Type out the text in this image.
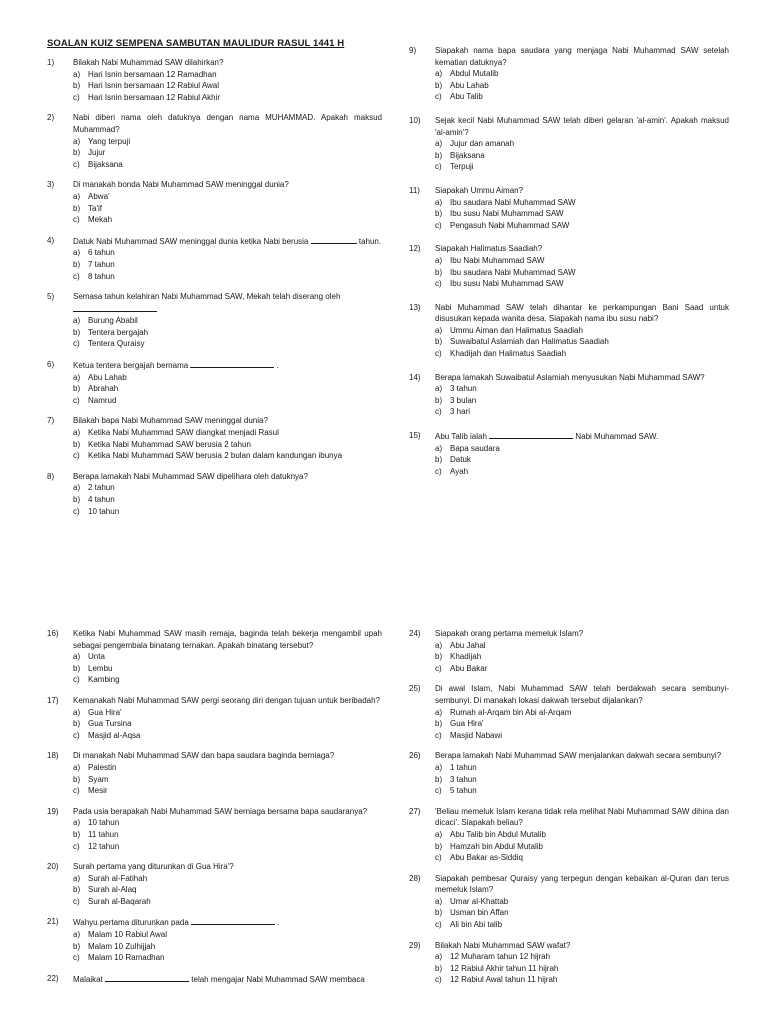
SOALAN KUIZ SEMPENA SAMBUTAN MAULIDUR RASUL 1441 H
1)	Bilakah Nabi Muhammad SAW dilahirkan?
a) Hari Isnin bersamaan 12 Ramadhan
b) Hari Isnin bersamaan 12 Rabiul Awal
c)	Hari Isnin bersamaan 12 Rabiul Akhir
2)	Nabi diberi nama oleh datuknya dengan nama MUHAMMAD. Apakah maksud Muhammad?
a) Yang terpuji
b) Jujur
c)	Bijaksana
3)	Di manakah bonda Nabi Muhammad SAW meninggal dunia?
a) Abwa'
b) Ta'if
c)	Mekah
4)	Datuk Nabi Muhammad SAW meninggal dunia ketika Nabi berusia	tahun.
a) 6 tahun
b) 7 tahun
c)	8 tahun
5)	Semasa tahun kelahiran Nabi Muhammad SAW, Mekah telah diserang oleh

a) Burung Ababil
b) Tentera bergajah
c)	Tentera Quraisy
6)	Ketua tentera bergajah bernama	.
a) Abu Lahab
b) Abrahah
c)	Namrud
7)	Bilakah bapa Nabi Muhammad SAW meninggal dunia?
a) Ketika Nabi Muhammad SAW diangkat menjadi Rasul
b) Ketika Nabi Muhammad SAW berusia 2 tahun
c)	Ketika Nabi Muhammad SAW berusia 2 bulan dalam kandungan ibunya
8)	Berapa lamakah Nabi Muhammad SAW dipelihara oleh datuknya?
a) 2 tahun
b) 4 tahun
c)	10 tahun
9)	Siapakah nama bapa saudara yang menjaga Nabi Muhammad SAW setelah kematian datuknya?
a) Abdul Mutalib
b) Abu Lahab
c)	Abu Talib
10)	Sejak kecil Nabi Muhammad SAW telah diberi gelaran 'al-amin'. Apakah maksud 'al-amin'?
a) Jujur dan amanah
b) Bijaksana
c)	Terpuji
11)	Siapakah Ummu Aiman?
a) Ibu saudara Nabi Muhammad SAW
b) Ibu susu Nabi Muhammad SAW
c)	Pengasuh Nabi Muhammad SAW
12)	Siapakah Halimatus Saadiah?
a) Ibu Nabi Muhammad SAW
b) Ibu saudara Nabi Muhammad SAW
c)	Ibu susu Nabi Muhammad SAW
13)	Nabi Muhammad SAW telah dihantar ke perkampungan Bani Saad untuk disusukan kepada wanita desa. Siapakah nama ibu susu nabi?
a) Ummu Aiman dan Halimatus Saadiah
b) Suwaibatul Aslamiah dan Halimatus Saadiah
c)	Khadijah dan Halimatus Saadiah
14)	Berapa lamakah Suwaibatul Aslamiah menyusukan Nabi Muhammad SAW?
a) 3 tahun
b) 3 bulan
c)	3 hari
15)	Abu Talib ialah	Nabi Muhammad SAW.
a) Bapa saudara
b) Datuk
c)	Ayah
16)	Ketika Nabi Muhammad SAW masih remaja, baginda telah bekerja mengambil upah sebagai pengembala binatang ternakan. Apakah binatang tersebut?
a) Unta
b) Lembu
c)	Kambing
17)	Kemanakah Nabi Muhammad SAW pergi seorang diri dengan tujuan untuk beribadah?
a) Gua Hira'
b) Gua Tursina
c)	Masjid al-Aqsa
18)	Di manakah Nabi Muhammad SAW dan bapa saudara baginda berniaga?
a) Palestin
b) Syam
c)	Mesir
19)	Pada usia berapakah Nabi Muhammad SAW berniaga bersama bapa saudaranya?
a) 10 tahun
b) 11 tahun
c)	12 tahun
20)	Surah pertama yang diturunkan di Gua Hira'?
a) Surah al-Fatihah
b) Surah al-Alaq
c)	Surah al-Baqarah
21)	Wahyu pertama diturunkan pada	.
a) Malam 10 Rabiul Awal
b) Malam 10 Zulhijjah
c)	Malam 10 Ramadhan
22)	Malaikat	telah mengajar Nabi Muhammad SAW membaca
24)	Siapakah orang pertama memeluk Islam?
a) Abu Jahal
b) Khadijah
c)	Abu Bakar
25)	Di awal Islam, Nabi Muhammad SAW telah berdakwah secara sembunyi-sembunyi. Di manakah lokasi dakwah tersebut dijalankan?
a) Rumah al-Arqam bin Abi al-Arqam
b) Gua Hira'
c)	Masjid Nabawi
26)	Berapa lamakah Nabi Muhammad SAW menjalankan dakwah secara sembunyi?
a) 1 tahun
b) 3 tahun
c)	5 tahun
27)	'Beliau memeluk Islam kerana tidak rela melihat Nabi Muhammad SAW dihina dan dicaci'. Siapakah beliau?
a) Abu Talib bin Abdul Mutalib
b) Hamzah bin Abdul Mutalib
c)	Abu Bakar as-Siddiq
28)	Siapakah pembesar Quraisy yang terpegun dengan kebaikan al-Quran dan terus memeluk Islam?
a) Umar al-Khattab
b) Usman bin Affan
c)	Ali bin Abi talib
29)	Bilakah Nabi Muhammad SAW wafat?
a) 12 Muharam tahun 12 hijrah
b) 12 Rabiul Akhir tahun 11 hijrah
c)	12 Rabiul Awal tahun 11 hijrah
